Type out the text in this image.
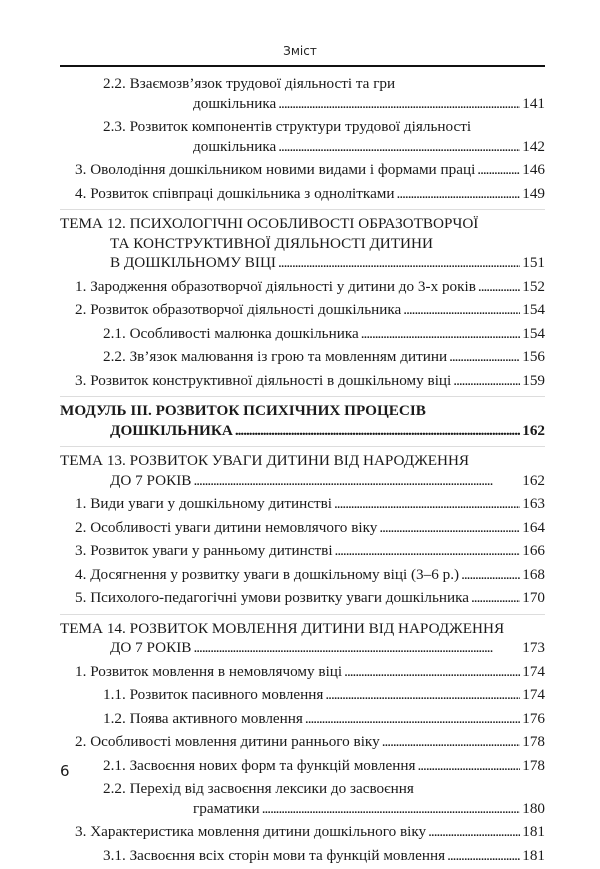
Зміст
2.2. Взаємозв’язок трудової діяльності та гри
дошкільника . . .	141
2.3. Розвиток компонентів структури трудової діяльності
дошкільника . . .	142
3. Оволодіння дошкільником новими видами і формами праці . . .	146
4. Розвиток співпраці дошкільника з однолітками . . .	149
ТЕМА 12. ПСИХОЛОГІЧНІ ОСОБЛИВОСТІ ОБРАЗОТВОРЧОЇ
ТА КОНСТРУКТИВНОЇ ДІЯЛЬНОСТІ ДИТИНИ
В ДОШКІЛЬНОМУ ВІЦІ . . .	151
1. Зародження образотворчої діяльності у дитини до 3-х років . . .	152
2. Розвиток образотворчої діяльності дошкільника . . .	154
2.1. Особливості малюнка дошкільника . . .	154
2.2. Зв’язок малювання із грою та мовленням дитини . . .	156
3. Розвиток конструктивної діяльності в дошкільному віці . . .	159
МОДУЛЬ ІІІ. РОЗВИТОК ПСИХІЧНИХ ПРОЦЕСІВ
ДОШКІЛЬНИКА . . .	162
ТЕМА 13. РОЗВИТОК УВАГИ ДИТИНИ ВІД НАРОДЖЕННЯ
ДО 7 РОКІВ . . .	162
1. Види уваги у дошкільному дитинстві . . .	163
2. Особливості уваги дитини немовлячого віку . . .	164
3. Розвиток уваги у ранньому дитинстві . . .	166
4. Досягнення у розвитку уваги в дошкільному віці (3–6 р.) . . .	168
5. Психолого-педагогічні умови розвитку уваги дошкільника . . .	170
ТЕМА 14. РОЗВИТОК МОВЛЕННЯ ДИТИНИ ВІД НАРОДЖЕННЯ
ДО 7 РОКІВ . . .	173
1. Розвиток мовлення в немовлячому віці . . .	174
1.1. Розвиток пасивного мовлення . . .	174
1.2. Поява активного мовлення . . .	176
2. Особливості мовлення дитини раннього віку . . .	178
2.1. Засвоєння нових форм та функцій мовлення . . .	178
2.2. Перехід від засвоєння лексики до засвоєння
граматики . . .	180
3. Характеристика мовлення дитини дошкільного віку . . .	181
3.1. Засвоєння всіх сторін мови та функцій мовлення . . .	181
6
